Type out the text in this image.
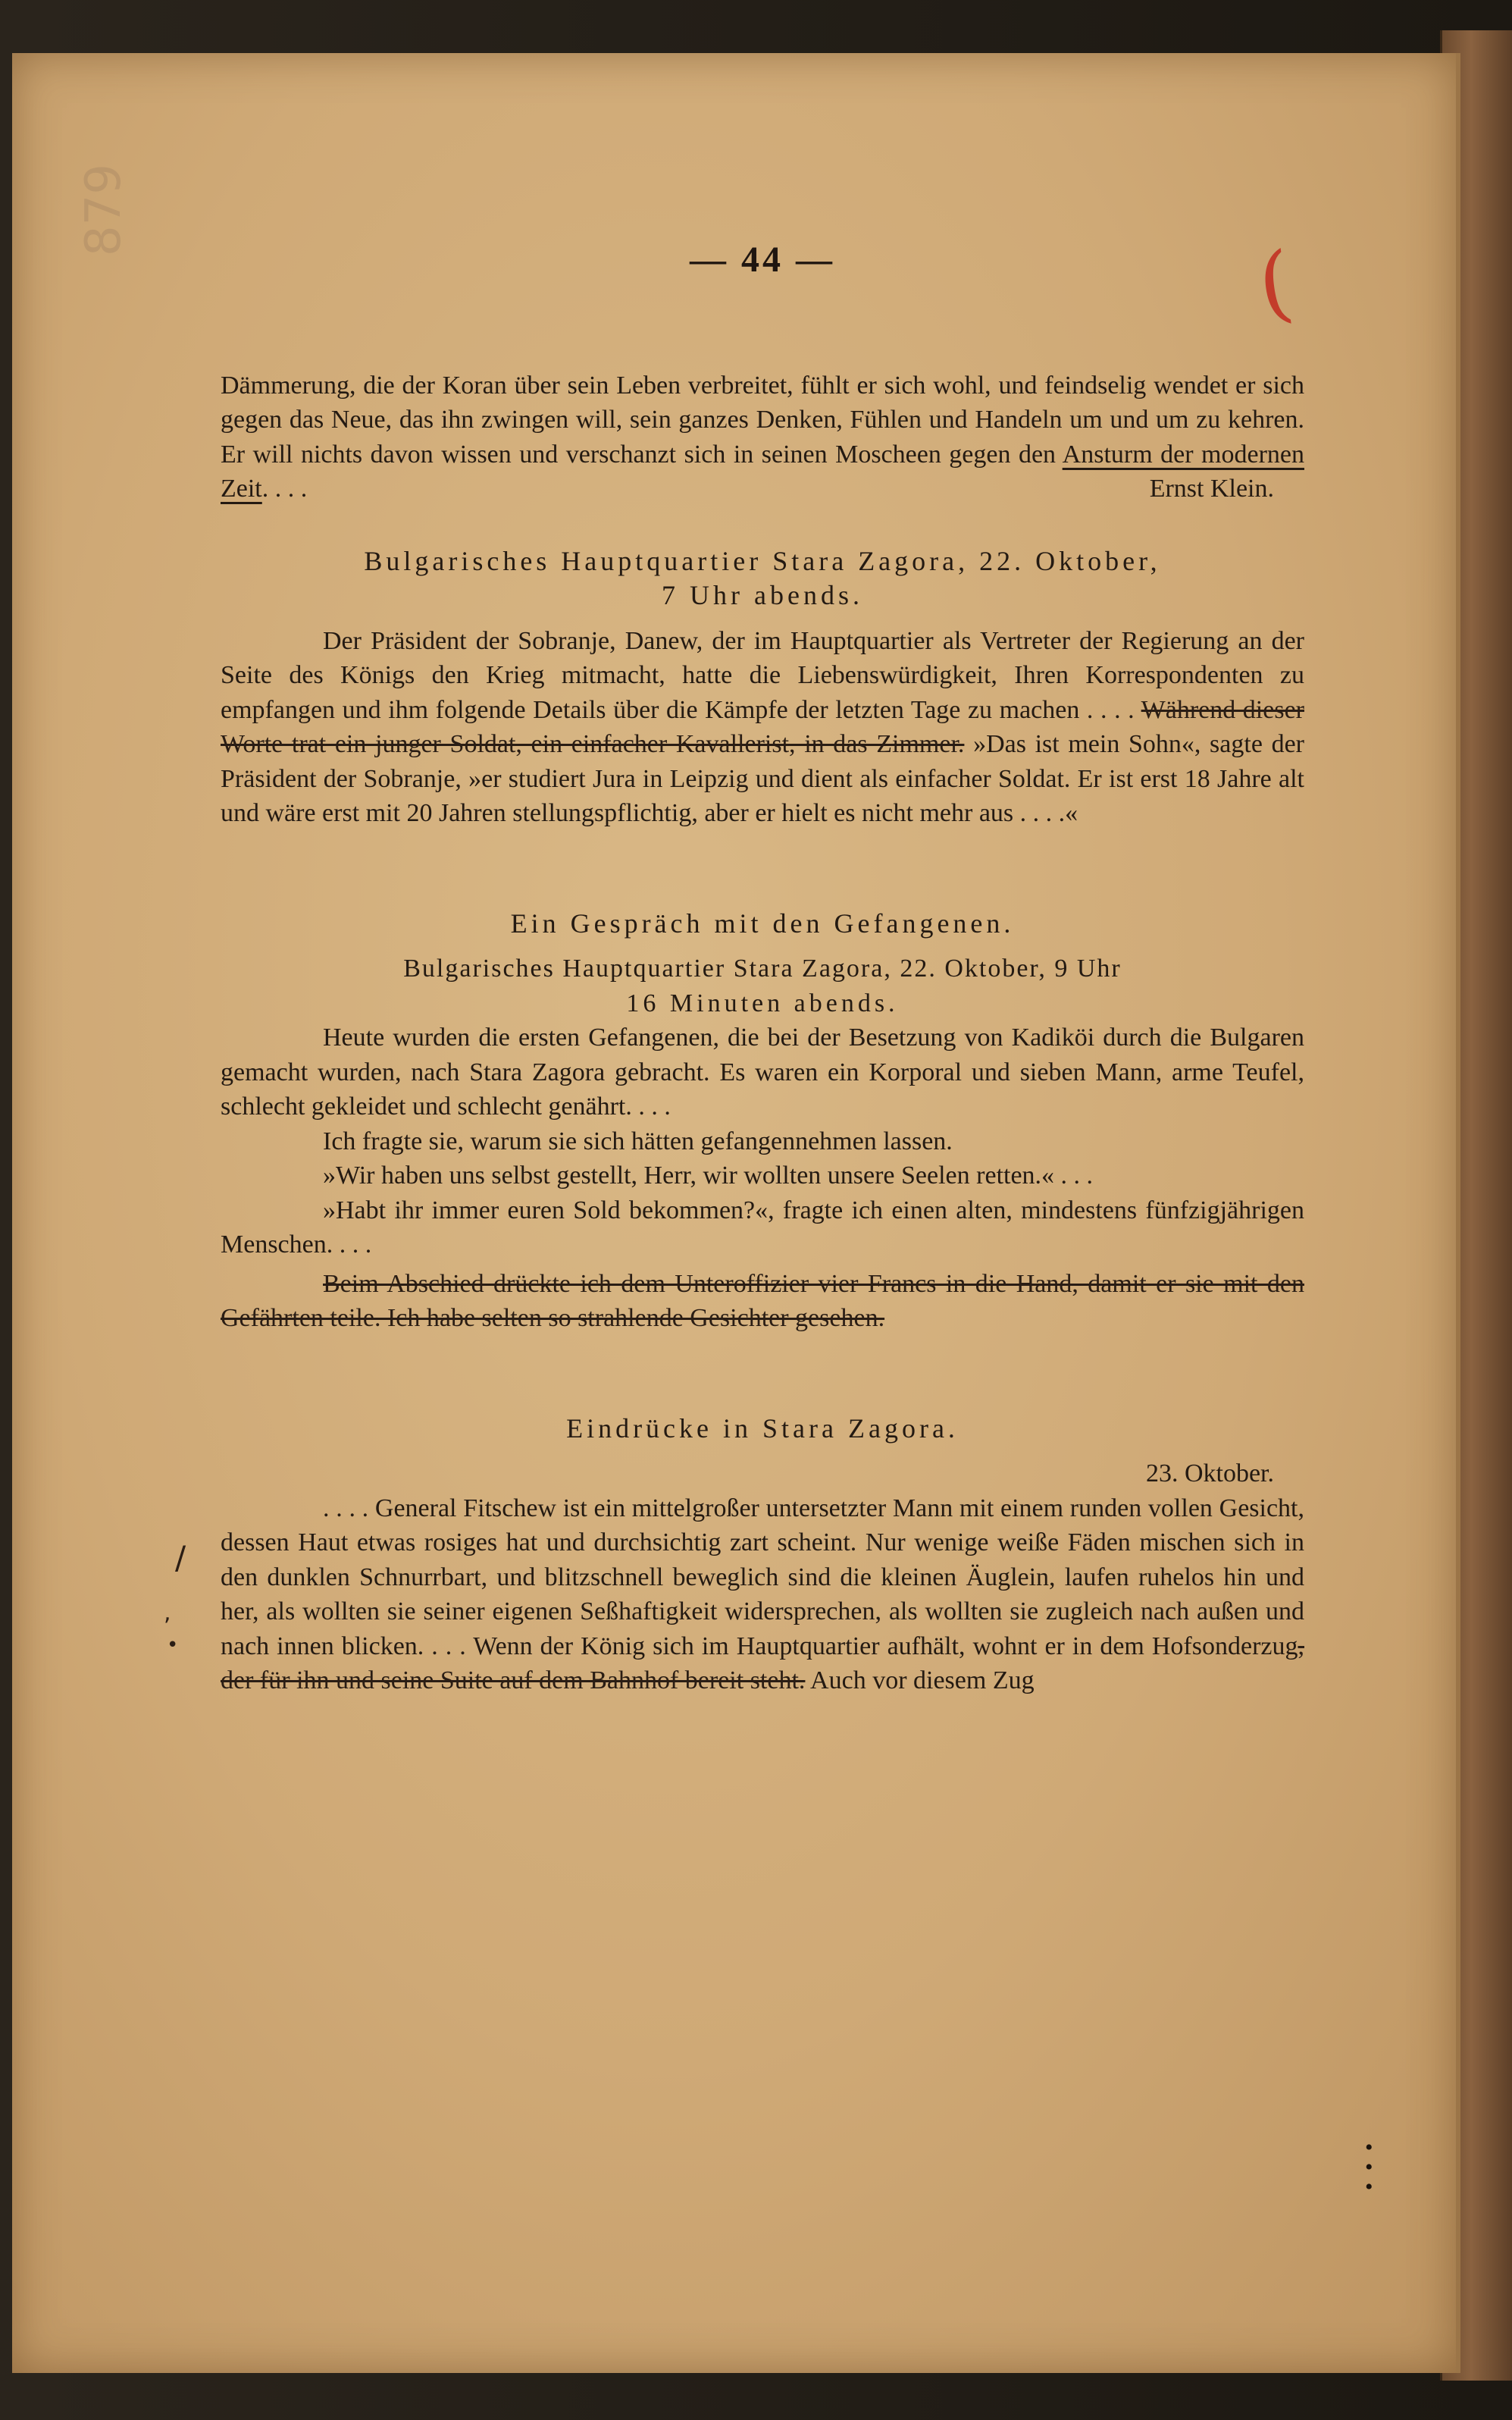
879
(
/
,
•
•
•
•
— 44 —

Dämmerung, die der Koran über sein Leben verbreitet, fühlt er sich wohl, und feindselig wendet er sich gegen das Neue, das ihn zwingen will, sein ganzes Denken, Fühlen und Handeln um und um zu kehren. Er will nichts davon wissen und verschanzt sich in seinen Moscheen gegen den Ansturm der modernen Zeit. . . .	Ernst Klein.

Bulgarisches Hauptquartier Stara Zagora, 22. Oktober,
7 Uhr abends.

Der Präsident der Sobranje, Danew, der im Hauptquartier als Vertreter der Regierung an der Seite des Königs den Krieg mitmacht, hatte die Liebenswürdigkeit, Ihren Korrespondenten zu empfangen und ihm folgende Details über die Kämpfe der letzten Tage zu machen . . . . Während dieser Worte trat ein junger Soldat, ein einfacher Kavallerist, in das Zimmer. »Das ist mein Sohn«, sagte der Präsident der Sobranje, »er studiert Jura in Leipzig und dient als einfacher Soldat. Er ist erst 18 Jahre alt und wäre erst mit 20 Jahren stellungspflichtig, aber er hielt es nicht mehr aus . . . .«

Ein Gespräch mit den Gefangenen.
Bulgarisches Hauptquartier Stara Zagora, 22. Oktober, 9 Uhr
16 Minuten abends.

Heute wurden die ersten Gefangenen, die bei der Besetzung von Kadiköi durch die Bulgaren gemacht wurden, nach Stara Zagora gebracht. Es waren ein Korporal und sieben Mann, arme Teufel, schlecht gekleidet und schlecht genährt. . . .

Ich fragte sie, warum sie sich hätten gefangennehmen lassen.

»Wir haben uns selbst gestellt, Herr, wir wollten unsere Seelen retten.« . . .

»Habt ihr immer euren Sold bekommen?«, fragte ich einen alten, mindestens fünfzigjährigen Menschen. . . .

Beim Abschied drückte ich dem Unteroffizier vier Francs in die Hand, damit er sie mit den Gefährten teile. Ich habe selten so strahlende Gesichter gesehen.

Eindrücke in Stara Zagora.
23. Oktober.

. . . . General Fitschew ist ein mittelgroßer untersetzter Mann mit einem runden vollen Gesicht, dessen Haut etwas rosiges hat und durchsichtig zart scheint. Nur wenige weiße Fäden mischen sich in den dunklen Schnurrbart, und blitzschnell beweglich sind die kleinen Äuglein, laufen ruhelos hin und her, als wollten sie seiner eigenen Seßhaftigkeit widersprechen, als wollten sie zugleich nach außen und nach innen blicken. . . . Wenn der König sich im Hauptquartier aufhält, wohnt er in dem Hofsonderzug, der für ihn und seine Suite auf dem Bahnhof bereit steht. Auch vor diesem Zug
